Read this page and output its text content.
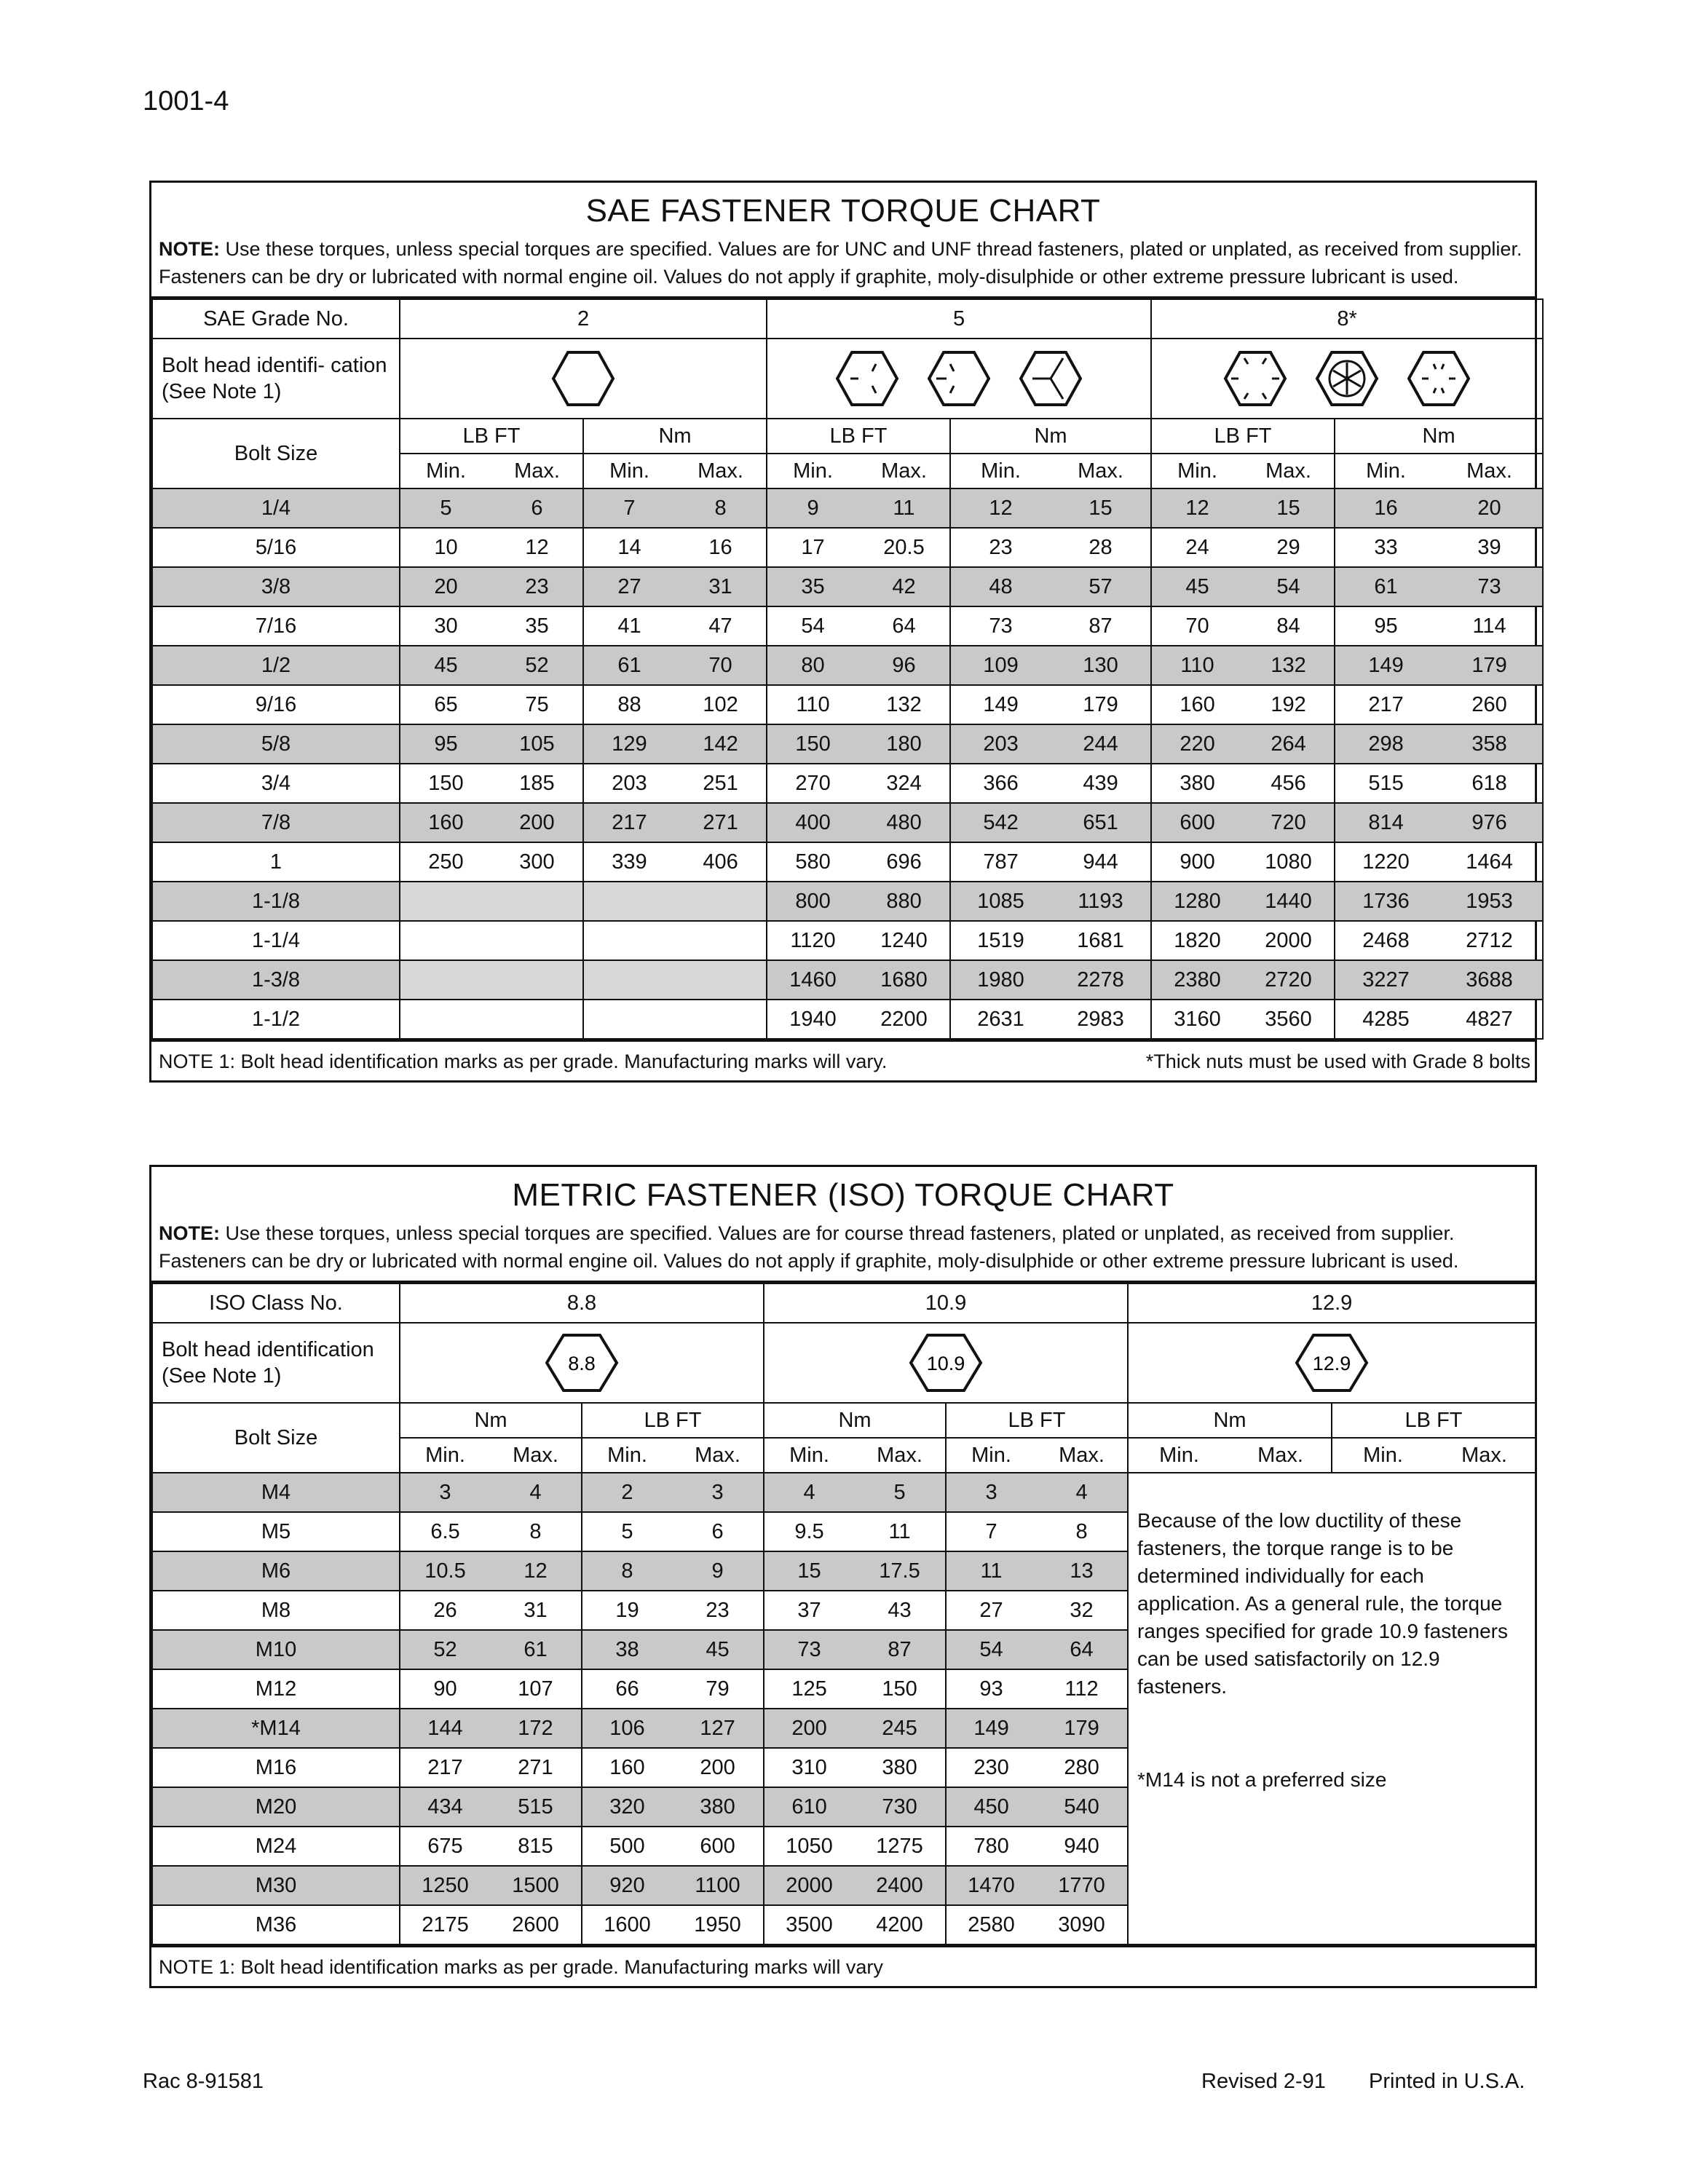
1001-4
SAE FASTENER TORQUE CHART
NOTE: Use these torques, unless special torques are specified. Values are for UNC and UNF thread fasteners, plated or unplated, as received from supplier. Fasteners can be dry or lubricated with normal engine oil. Values do not apply if graphite, moly-disulphide or other extreme pressure lubricant is used.
SAE Grade No.	2				5				8*			
Bolt head identifi- cation (See Note 1)			
Bolt Size	LB FT		Nm		LB FT		Nm		LB FT		Nm	
	Min.	Max.	Min.	Max.	Min.	Max.	Min.	Max.	Min.	Max.	Min.	Max.
1/4	5	6	7	8	9	11	12	15	12	15	16	20
5/16	10	12	14	16	17	20.5	23	28	24	29	33	39
3/8	20	23	27	31	35	42	48	57	45	54	61	73
7/16	30	35	41	47	54	64	73	87	70	84	95	114
1/2	45	52	61	70	80	96	109	130	110	132	149	179
9/16	65	75	88	102	110	132	149	179	160	192	217	260
5/8	95	105	129	142	150	180	203	244	220	264	298	358
3/4	150	185	203	251	270	324	366	439	380	456	515	618
7/8	160	200	217	271	400	480	542	651	600	720	814	976
1	250	300	339	406	580	696	787	944	900	1080	1220	1464
1-1/8					800	880	1085	1193	1280	1440	1736	1953
1-1/4					1120	1240	1519	1681	1820	2000	2468	2712
1-3/8					1460	1680	1980	2278	2380	2720	3227	3688
1-1/2					1940	2200	2631	2983	3160	3560	4285	4827
NOTE 1: Bolt head identification marks as per grade. Manufacturing marks will vary.	*Thick nuts must be used with Grade 8 bolts
METRIC FASTENER (ISO) TORQUE CHART
NOTE: Use these torques, unless special torques are specified. Values are for course thread fasteners, plated or unplated, as received from supplier. Fasteners can be dry or lubricated with normal engine oil. Values do not apply if graphite, moly-disulphide or other extreme pressure lubricant is used.
ISO Class No.	8.8				10.9				12.9			
Bolt head identification (See Note 1)	8.8				10.9				12.9			

Bolt Size	Nm		LB FT		Nm		LB FT		Nm		LB FT	
	Min.	Max.	Min.	Max.	Min.	Max.	Min.	Max.	Min.	Max.	Min.	Max.
M4	3	4	2	3	4	5	3	4	Because of the low ductility of these fasteners, the torque range is to be determined individually for each application. As a general rule, the torque ranges specified for grade 10.9 fasteners can be used satisfactorily on 12.9 fasteners.

*M14 is not a preferred size			

M5	6.5	8	5	6	9.5	11	7	8				
M6	10.5	12	8	9	15	17.5	11	13				
M8	26	31	19	23	37	43	27	32				
M10	52	61	38	45	73	87	54	64				
M12	90	107	66	79	125	150	93	112				
*M14	144	172	106	127	200	245	149	179				
M16	217	271	160	200	310	380	230	280				
M20	434	515	320	380	610	730	450	540				
M24	675	815	500	600	1050	1275	780	940				
M30	1250	1500	920	1100	2000	2400	1470	1770				
M36	2175	2600	1600	1950	3500	4200	2580	3090				
NOTE 1: Bolt head identification marks as per grade. Manufacturing marks will vary
Rac 8-91581	Revised 2-91 Printed in U.S.A.
